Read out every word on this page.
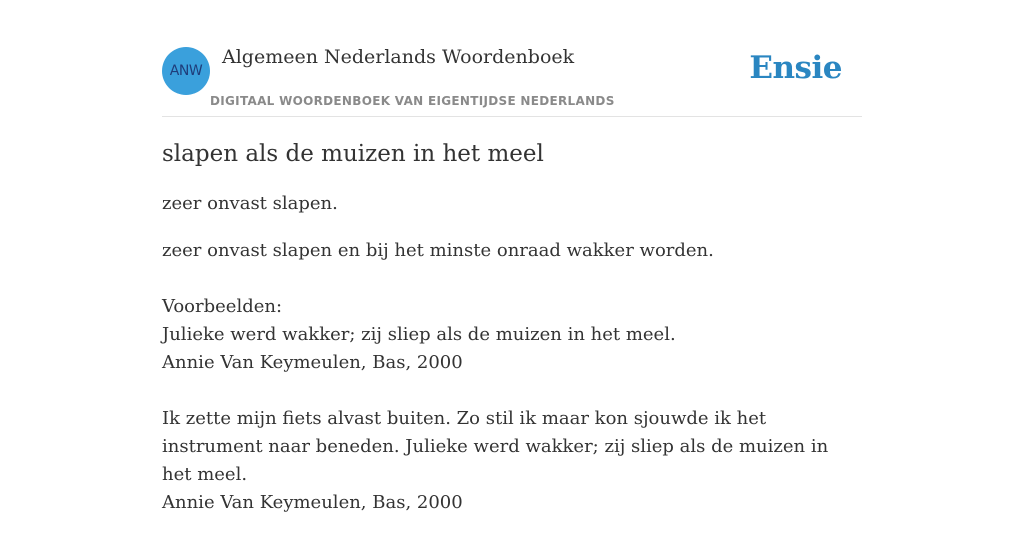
ANW
Algemeen Nederlands Woordenboek
DIGITAAL WOORDENBOEK VAN EIGENTIJDSE NEDERLANDS
Ensie
slapen als de muizen in het meel
zeer onvast slapen.
zeer onvast slapen en bij het minste onraad wakker worden.
Voorbeelden:
Julieke werd wakker; zij sliep als de muizen in het meel.
Annie Van Keymeulen, Bas, 2000
Ik zette mijn fiets alvast buiten. Zo stil ik maar kon sjouwde ik het instrument naar beneden. Julieke werd wakker; zij sliep als de muizen in het meel.
Annie Van Keymeulen, Bas, 2000
